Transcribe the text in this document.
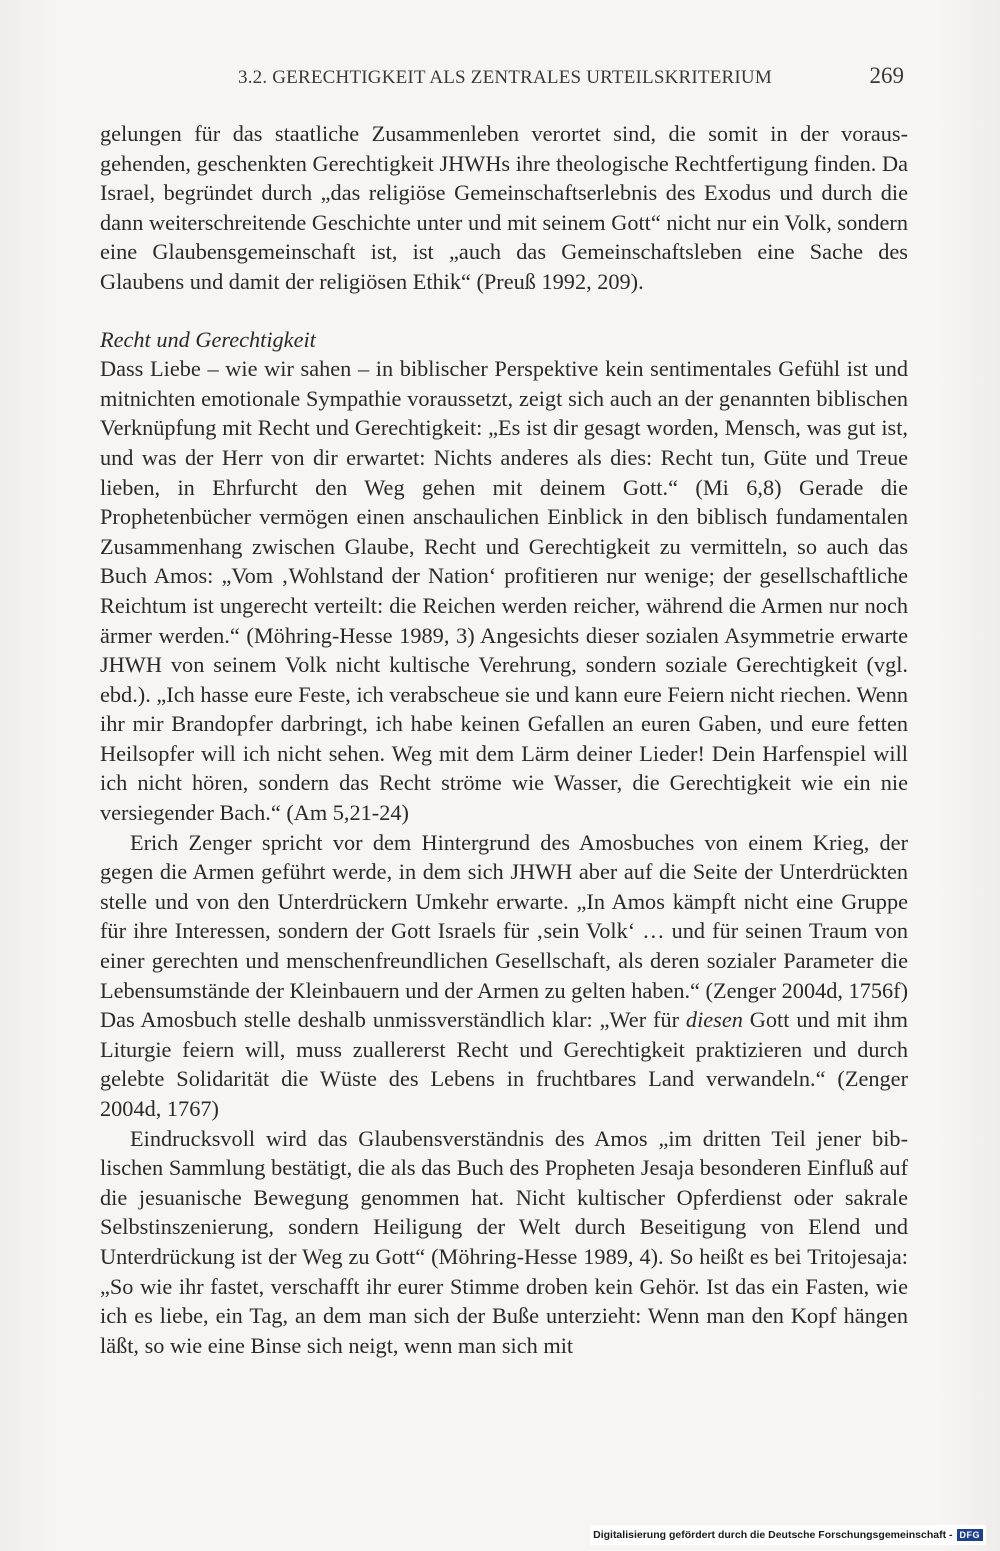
3.2. GERECHTIGKEIT ALS ZENTRALES URTEILSKRITERIUM	269

gelungen für das staatliche Zusammenleben verortet sind, die somit in der vorausgehenden, geschenkten Gerechtigkeit JHWHs ihre theologische Rechtfertigung finden. Da Israel, begründet durch „das religiöse Gemeinschaftserlebnis des Exodus und durch die dann weiterschreitende Geschichte unter und mit seinem Gott“ nicht nur ein Volk, sondern eine Glaubensgemeinschaft ist, ist „auch das Gemeinschaftsleben eine Sache des Glaubens und damit der religiösen Ethik“ (Preuß 1992, 209).

Recht und Gerechtigkeit

Dass Liebe – wie wir sahen – in biblischer Perspektive kein sentimentales Gefühl ist und mitnichten emotionale Sympathie voraussetzt, zeigt sich auch an der genannten biblischen Verknüpfung mit Recht und Gerechtigkeit: „Es ist dir gesagt worden, Mensch, was gut ist, und was der Herr von dir erwartet: Nichts anderes als dies: Recht tun, Güte und Treue lieben, in Ehrfurcht den Weg gehen mit deinem Gott.“ (Mi 6,8) Gerade die Prophetenbücher vermögen einen anschaulichen Einblick in den biblisch fundamentalen Zusammenhang zwischen Glaube, Recht und Gerechtigkeit zu vermitteln, so auch das Buch Amos: „Vom ‚Wohlstand der Nation‘ profitieren nur wenige; der gesellschaftliche Reichtum ist ungerecht verteilt: die Reichen werden reicher, während die Armen nur noch ärmer werden.“ (Möhring-Hesse 1989, 3) Angesichts dieser sozialen Asymmetrie erwarte JHWH von seinem Volk nicht kultische Verehrung, sondern soziale Gerechtigkeit (vgl. ebd.). „Ich hasse eure Feste, ich verabscheue sie und kann eure Feiern nicht riechen. Wenn ihr mir Brandopfer darbringt, ich habe keinen Gefallen an euren Gaben, und eure fetten Heilsopfer will ich nicht sehen. Weg mit dem Lärm deiner Lieder! Dein Harfenspiel will ich nicht hören, sondern das Recht ströme wie Wasser, die Gerechtigkeit wie ein nie versiegender Bach.“ (Am 5,21-24)

Erich Zenger spricht vor dem Hintergrund des Amosbuches von einem Krieg, der gegen die Armen geführt werde, in dem sich JHWH aber auf die Seite der Unterdrückten stelle und von den Unterdrückern Umkehr erwarte. „In Amos kämpft nicht eine Gruppe für ihre Interessen, sondern der Gott Israels für ‚sein Volk‘ … und für seinen Traum von einer gerechten und menschenfreundlichen Gesellschaft, als deren sozialer Parameter die Lebensumstände der Kleinbauern und der Armen zu gelten haben.“ (Zenger 2004d, 1756f) Das Amosbuch stelle deshalb unmissverständlich klar: „Wer für diesen Gott und mit ihm Liturgie feiern will, muss zuallererst Recht und Gerechtigkeit praktizieren und durch gelebte Solidarität die Wüste des Lebens in fruchtbares Land verwandeln.“ (Zenger 2004d, 1767)

Eindrucksvoll wird das Glaubensverständnis des Amos „im dritten Teil jener biblischen Sammlung bestätigt, die als das Buch des Propheten Jesaja besonderen Einfluß auf die jesuanische Bewegung genommen hat. Nicht kultischer Opferdienst oder sakrale Selbstinszenierung, sondern Heiligung der Welt durch Beseitigung von Elend und Unterdrückung ist der Weg zu Gott“ (Möhring-Hesse 1989, 4). So heißt es bei Tritojesaja: „So wie ihr fastet, verschafft ihr eurer Stimme droben kein Gehör. Ist das ein Fasten, wie ich es liebe, ein Tag, an dem man sich der Buße unterzieht: Wenn man den Kopf hängen läßt, so wie eine Binse sich neigt, wenn man sich mit

Digitalisierung gefördert durch die Deutsche Forschungsgemeinschaft - DFG
